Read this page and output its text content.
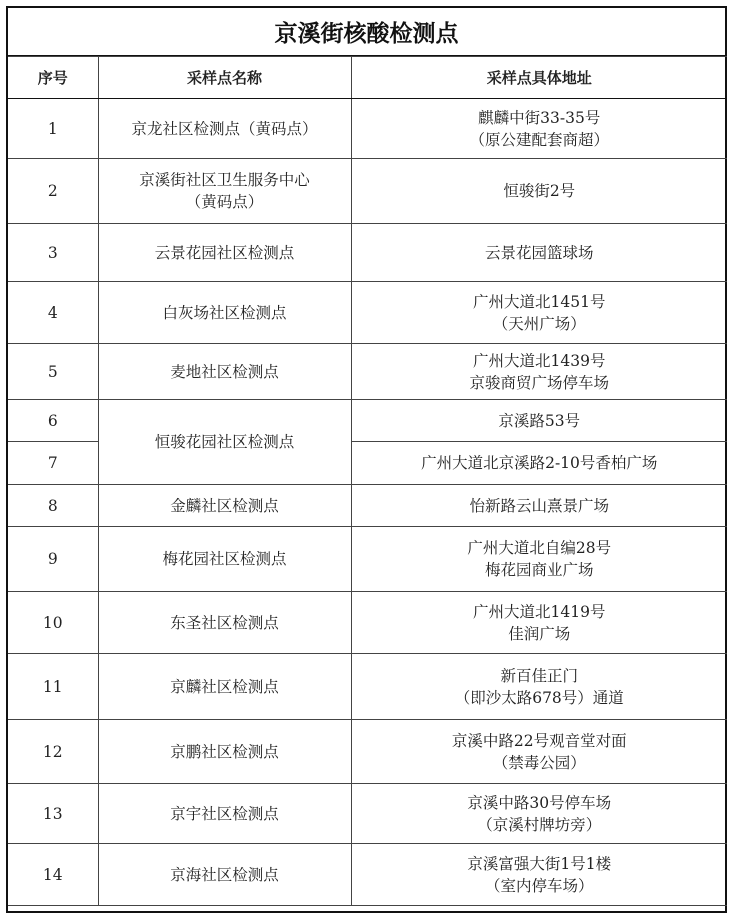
京溪街核酸检测点
序号	采样点名称	采样点具体地址
1	京龙社区检测点（黄码点）	麒麟中街33-35号
（原公建配套商超）

2	京溪街社区卫生服务中心
（黄码点）	恒骏街2号

3	云景花园社区检测点	云景花园篮球场

4	白灰场社区检测点	广州大道北1451号
（天州广场）

5	麦地社区检测点	广州大道北1439号
京骏商贸广场停车场

6	恒骏花园社区检测点	京溪路53号

7		广州大道北京溪路2-10号香柏广场

8	金麟社区检测点	怡新路云山熹景广场

9	梅花园社区检测点	广州大道北自编28号
梅花园商业广场

10	东圣社区检测点	广州大道北1419号
佳润广场

11	京麟社区检测点	新百佳正门
（即沙太路678号）通道

12	京鹏社区检测点	京溪中路22号观音堂对面
（禁毒公园）

13	京宇社区检测点	京溪中路30号停车场
（京溪村牌坊旁）

14	京海社区检测点	京溪富强大街1号1楼
（室内停车场）
